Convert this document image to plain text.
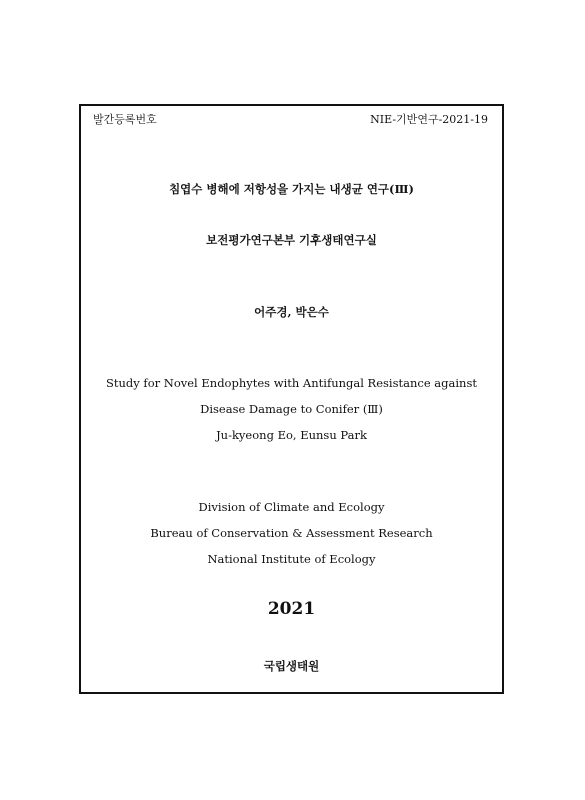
발간등록번호	NIE-기반연구-2021-19
침엽수 병해에 저항성을 가지는 내생균 연구(Ⅲ)
보전평가연구본부 기후생태연구실
어주경, 박은수
Study for Novel Endophytes with Antifungal Resistance against
Disease Damage to Conifer (Ⅲ)
Ju-kyeong Eo, Eunsu Park
Division of Climate and Ecology
Bureau of Conservation & Assessment Research
National Institute of Ecology
2021
국립생태원
